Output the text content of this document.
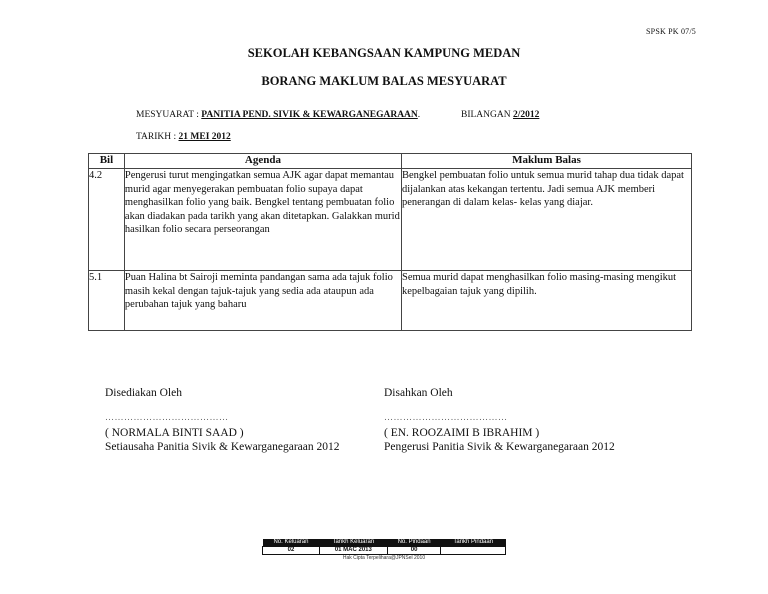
SPSK PK 07/5
SEKOLAH KEBANGSAAN KAMPUNG MEDAN
BORANG MAKLUM BALAS MESYUARAT
MESYUARAT : PANITIA PEND. SIVIK & KEWARGANEGARAAN.	BILANGAN 2/2012
TARIKH : 21 MEI 2012
Bil	Agenda	Maklum Balas
4.2	Pengerusi turut mengingatkan semua AJK agar dapat memantau murid agar menyegerakan pembuatan folio supaya dapat menghasilkan folio yang baik. Bengkel tentang pembuatan folio akan diadakan pada tarikh yang akan ditetapkan. Galakkan murid hasilkan folio secara perseorangan	Bengkel pembuatan folio untuk semua murid tahap dua tidak dapat dijalankan atas kekangan tertentu. Jadi semua AJK memberi penerangan di dalam kelas- kelas yang diajar.
5.1	Puan Halina bt Sairoji meminta pandangan sama ada tajuk folio masih kekal dengan tajuk-tajuk yang sedia ada ataupun ada perubahan tajuk yang baharu	Semua murid dapat menghasilkan folio masing-masing mengikut kepelbagaian tajuk yang dipilih.
Disediakan Oleh
…………………………………
( NORMALA BINTI SAAD )
Setiausaha Panitia Sivik & Kewarganegaraan 2012
Disahkan Oleh
…………………………………
( EN. ROOZAIMI B IBRAHIM )
Pengerusi Panitia Sivik & Kewarganegaraan 2012
No. Keluaran	Tarikh Keluaran	No. Pindaan	Tarikh Pindaan
02	01 MAC 2013	00	
Hak Cipta Terpelihara@JPNSel 2010
